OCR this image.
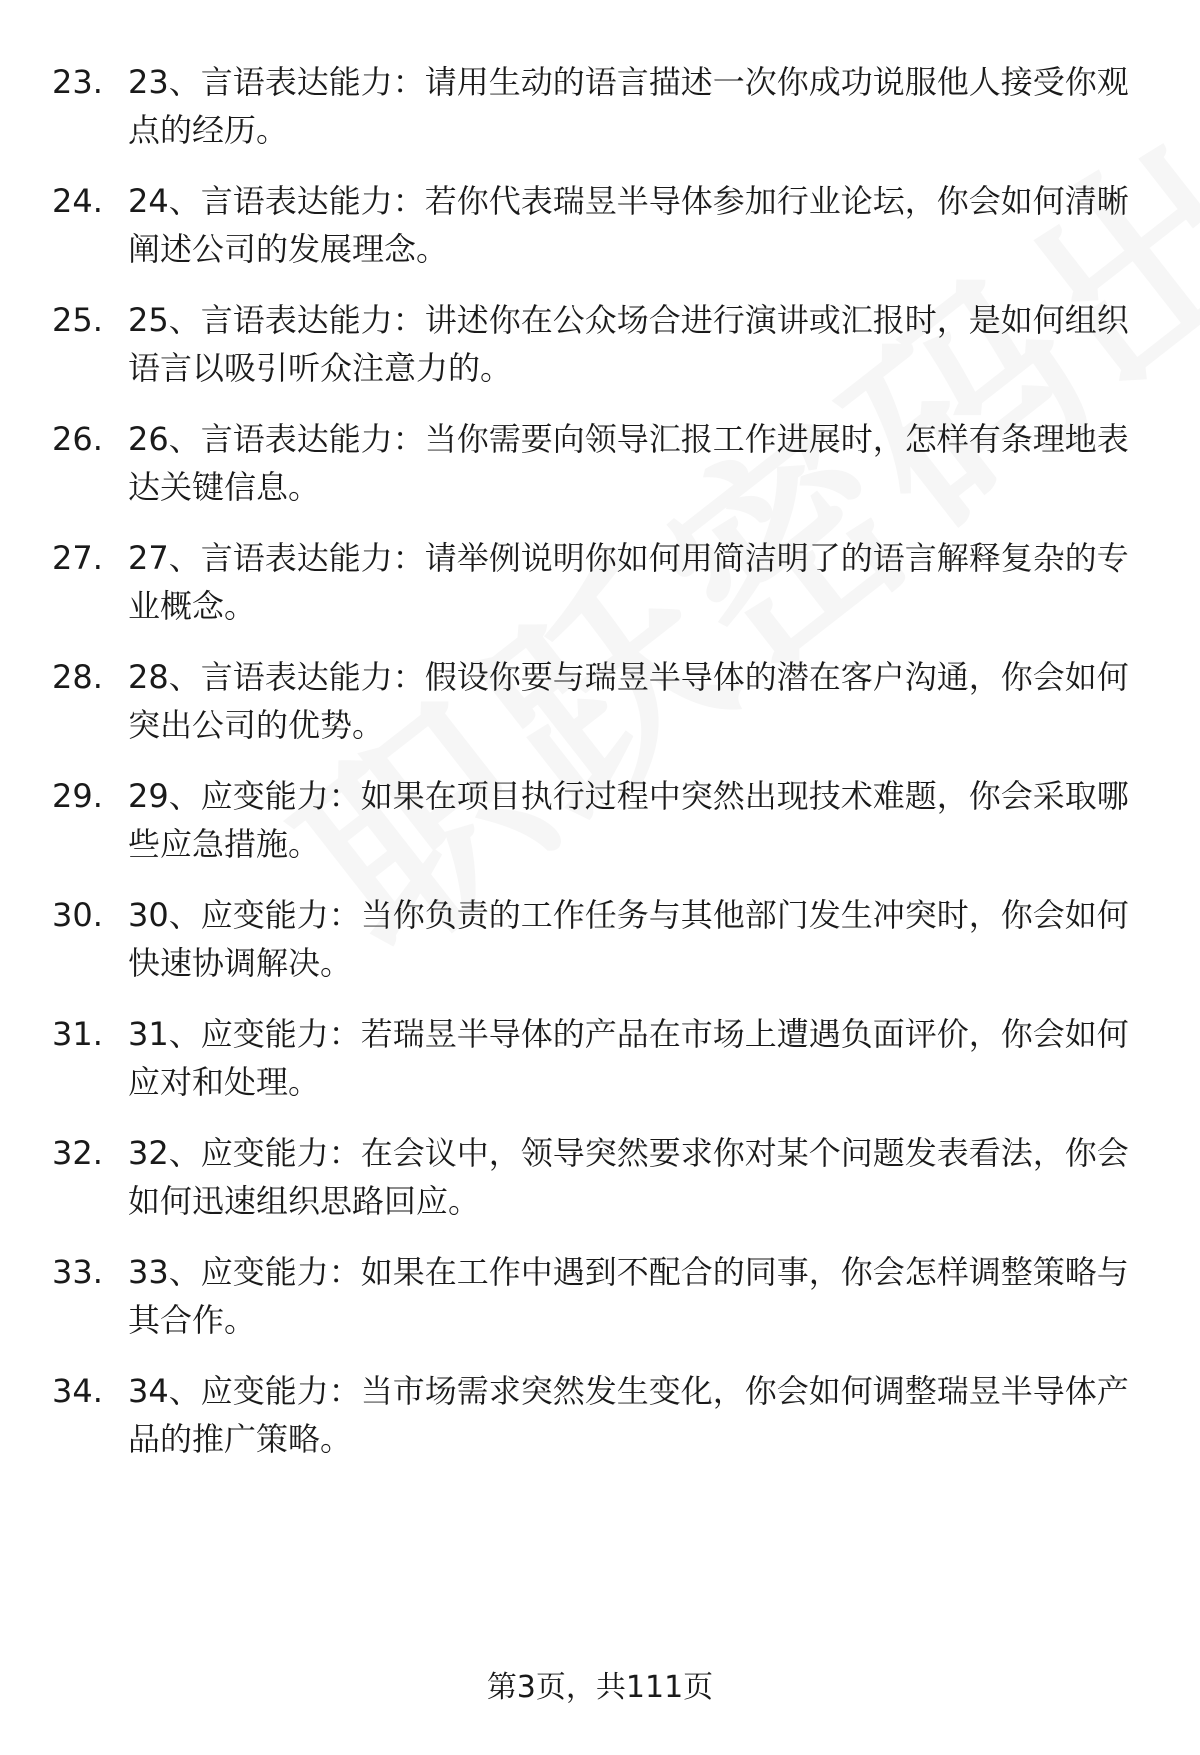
23. 23、言语表达能力：请用生动的语言描述一次你成功说服他人接受你观点的经历。
24. 24、言语表达能力：若你代表瑞昱半导体参加行业论坛，你会如何清晰阐述公司的发展理念。
25. 25、言语表达能力：讲述你在公众场合进行演讲或汇报时，是如何组织语言以吸引听众注意力的。
26. 26、言语表达能力：当你需要向领导汇报工作进展时，怎样有条理地表达关键信息。
27. 27、言语表达能力：请举例说明你如何用简洁明了的语言解释复杂的专业概念。
28. 28、言语表达能力：假设你要与瑞昱半导体的潜在客户沟通，你会如何突出公司的优势。
29. 29、应变能力：如果在项目执行过程中突然出现技术难题，你会采取哪些应急措施。
30. 30、应变能力：当你负责的工作任务与其他部门发生冲突时，你会如何快速协调解决。
31. 31、应变能力：若瑞昱半导体的产品在市场上遭遇负面评价，你会如何应对和处理。
32. 32、应变能力：在会议中，领导突然要求你对某个问题发表看法，你会如何迅速组织思路回应。
33. 33、应变能力：如果在工作中遇到不配合的同事，你会怎样调整策略与其合作。
34. 34、应变能力：当市场需求突然发生变化，你会如何调整瑞昱半导体产品的推广策略。
第3页，共111页
